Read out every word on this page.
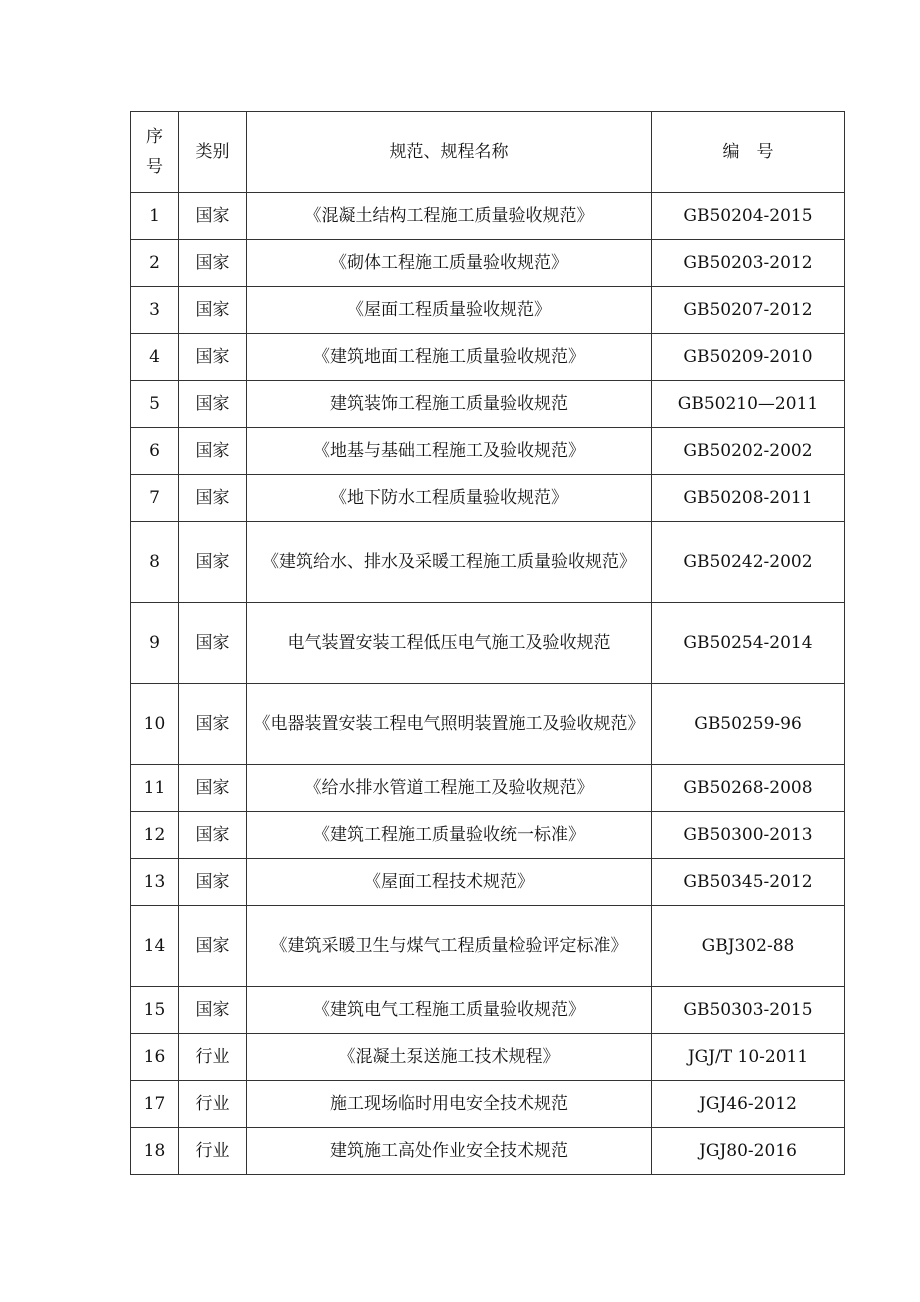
序号	类别	规范、规程名称	编　号
1	国家	《混凝土结构工程施工质量验收规范》	GB50204-2015
2	国家	《砌体工程施工质量验收规范》	GB50203-2012
3	国家	《屋面工程质量验收规范》	GB50207-2012
4	国家	《建筑地面工程施工质量验收规范》	GB50209-2010
5	国家	建筑装饰工程施工质量验收规范	GB50210—2011
6	国家	《地基与基础工程施工及验收规范》	GB50202-2002
7	国家	《地下防水工程质量验收规范》	GB50208-2011
8	国家	《建筑给水、排水及采暖工程施工质量验收规范》	GB50242-2002
9	国家	电气装置安装工程低压电气施工及验收规范	GB50254-2014
10	国家	《电器装置安装工程电气照明装置施工及验收规范》	GB50259-96
11	国家	《给水排水管道工程施工及验收规范》	GB50268-2008
12	国家	《建筑工程施工质量验收统一标准》	GB50300-2013
13	国家	《屋面工程技术规范》	GB50345-2012
14	国家	《建筑采暖卫生与煤气工程质量检验评定标准》	GBJ302-88
15	国家	《建筑电气工程施工质量验收规范》	GB50303-2015
16	行业	《混凝土泵送施工技术规程》	JGJ/T 10-2011
17	行业	施工现场临时用电安全技术规范	JGJ46-2012
18	行业	建筑施工高处作业安全技术规范	JGJ80-2016
